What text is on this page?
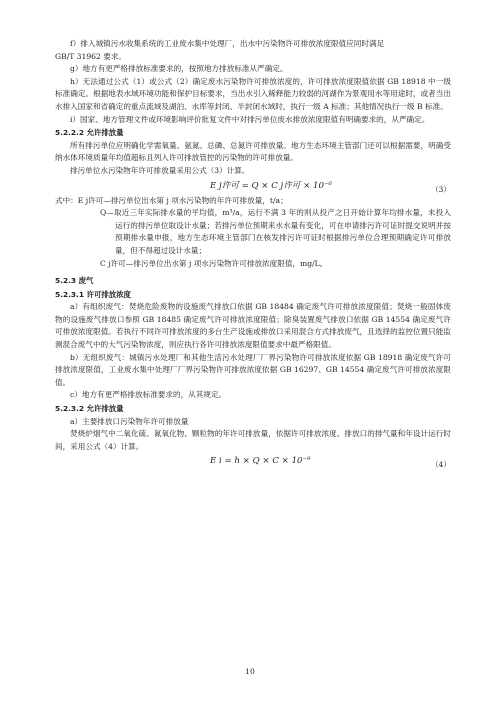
f）排入城镇污水收集系统的工业废水集中处理厂，出水中污染物许可排放浓度限值应同时满足

GB/T 31962 要求。

g）地方有更严格排放标准要求的，按照地方排放标准从严确定。

h）无法通过公式（1）或公式（2）确定废水污染物许可排放浓度的，许可排放浓度限值依据 GB 18918 中一级标准确定。根据地表水域环境功能和保护目标要求，当出水引入稀释能力较弱的河湖作为景观用水等用途时，或者当出水排入国家和省确定的重点流域及湖泊、水库等封闭、半封闭水域时，执行一级 A 标准；其他情况执行一级 B 标准。

i）国家、地方管理文件或环境影响评价批复文件中对排污单位废水排放浓度限值有明确要求的，从严确定。

5.2.2.2 允许排放量

所有排污单位应明确化学需氧量、氨氮、总磷、总氮许可排放量。地方生态环境主管部门还可以根据需要，明确受纳水体环境质量年均值超标且列入许可排放管控的污染物的许可排放量。

排污单位水污染物年许可排放量采用公式（3）计算。

E j许可 = Q × C j许可 × 10⁻⁶	（3）

式中：E j许可—排污单位出水第 j 项水污染物的年许可排放量，t/a；

Q—取近三年实际排水量的平均值，m³/a，运行不满 3 年的则从投产之日开始计算年均排水量，未投入运行的排污单位取设计水量；若排污单位预期来水水量有变化，可在申请排污许可证时提交说明并按预期排水量申报，地方生态环境主管部门在核发排污许可证时根据排污单位合理预期确定许可排放量，但不得超过设计水量；

C j许可—排污单位出水第 j 项水污染物许可排放浓度限值，mg/L。

5.2.3 废气

5.2.3.1 许可排放浓度

a）有组织废气：焚烧危险废物的设施废气排放口依据 GB 18484 确定废气许可排放浓度限值；焚烧一般固体废物的设施废气排放口参照 GB 18485 确定废气许可排放浓度限值；除臭装置废气排放口依据 GB 14554 确定废气许可排放浓度限值。若执行不同许可排放浓度的多台生产设施或排放口采用混合方式排放废气，且选择的监控位置只能监测混合废气中的大气污染物浓度，则应执行各许可排放浓度限值要求中最严格限值。

b）无组织废气：城镇污水处理厂和其他生活污水处理厂厂界污染物许可排放浓度依据 GB 18918 确定废气许可排放浓度限值，工业废水集中处理厂厂界污染物许可排放浓度依据 GB 16297、GB 14554 确定废气许可排放浓度限值。

c）地方有更严格排放标准要求的，从其规定。

5.2.3.2 允许排放量

a）主要排放口污染物年许可排放量

焚烧炉烟气中二氧化硫、氮氧化物、颗粒物的年许可排放量，依据许可排放浓度、排放口的排气量和年设计运行时间，采用公式（4）计算。

E i = h × Q × C × 10⁻⁹	（4）
10
